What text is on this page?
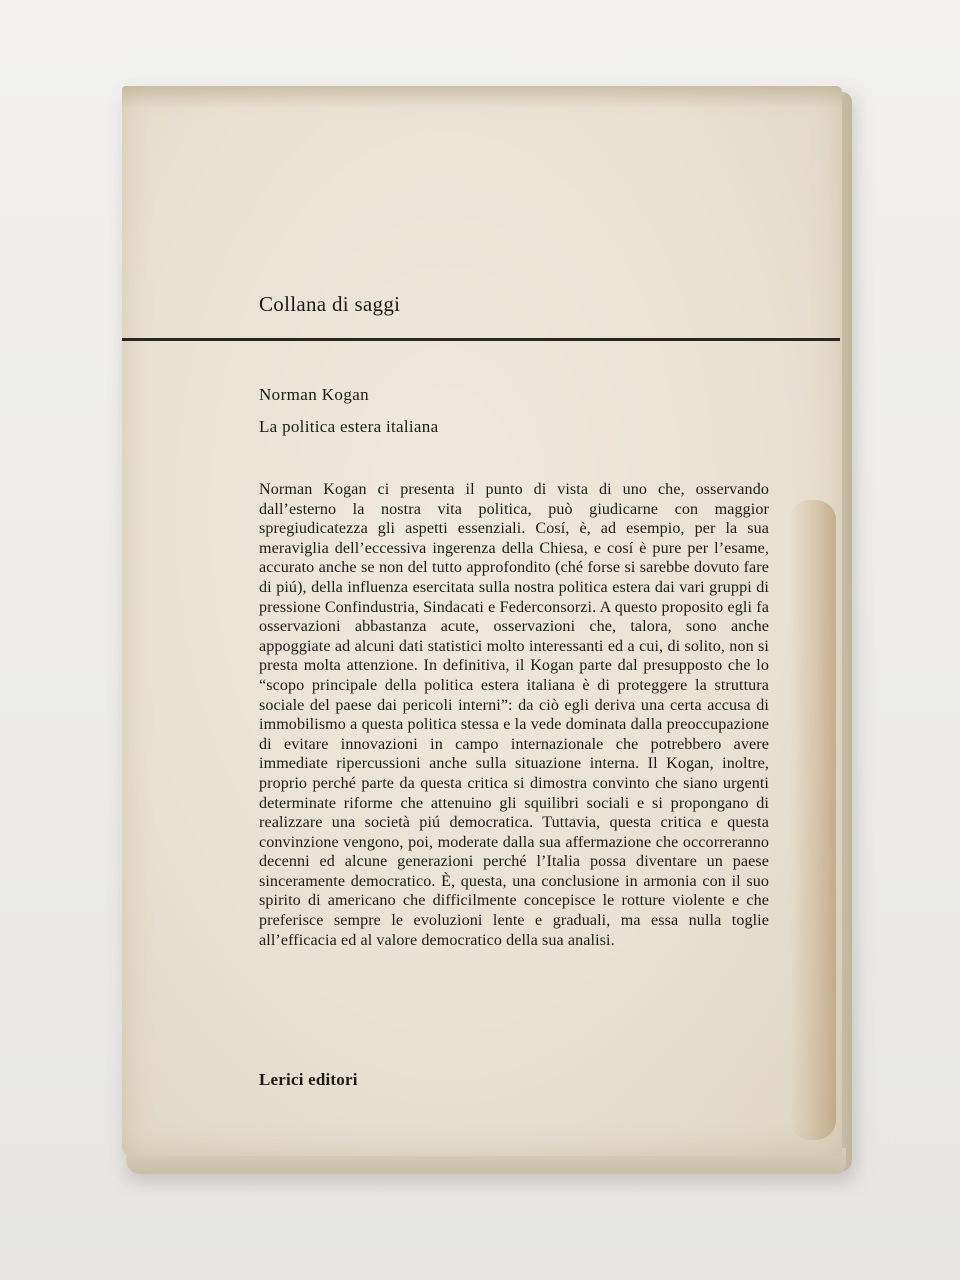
Collana di saggi
Norman Kogan
La politica estera italiana

Norman Kogan ci presenta il punto di vista di uno che, osservando dall’esterno la nostra vita politica, può giudicarne con maggior spregiudicatezza gli aspetti essenziali. Cosí, è, ad esempio, per la sua meraviglia dell’eccessiva ingerenza della Chiesa, e cosí è pure per l’esame, accurato anche se non del tutto approfondito (ché forse si sarebbe dovuto fare di piú), della influenza esercitata sulla nostra politica estera dai vari gruppi di pressione Confindustria, Sindacati e Federconsorzi. A questo proposito egli fa osservazioni abbastanza acute, osservazioni che, talora, sono anche appoggiate ad alcuni dati statistici molto interessanti ed a cui, di solito, non si presta molta attenzione. In definitiva, il Kogan parte dal presupposto che lo “scopo principale della politica estera italiana è di proteggere la struttura sociale del paese dai pericoli interni”: da ciò egli deriva una certa accusa di immobilismo a questa politica stessa e la vede dominata dalla preoccupazione di evitare innovazioni in campo internazionale che potrebbero avere immediate ripercussioni anche sulla situazione interna. Il Kogan, inoltre, proprio perché parte da questa critica si dimostra convinto che siano urgenti determinate riforme che attenuino gli squilibri sociali e si propongano di realizzare una società piú democratica. Tuttavia, questa critica e questa convinzione vengono, poi, moderate dalla sua affermazione che occorreranno decenni ed alcune generazioni perché l’Italia possa diventare un paese sinceramente democratico. È, questa, una conclusione in armonia con il suo spirito di americano che difficilmente concepisce le rotture violente e che preferisce sempre le evoluzioni lente e graduali, ma essa nulla toglie all’efficacia ed al valore democratico della sua analisi.

Lerici editori
